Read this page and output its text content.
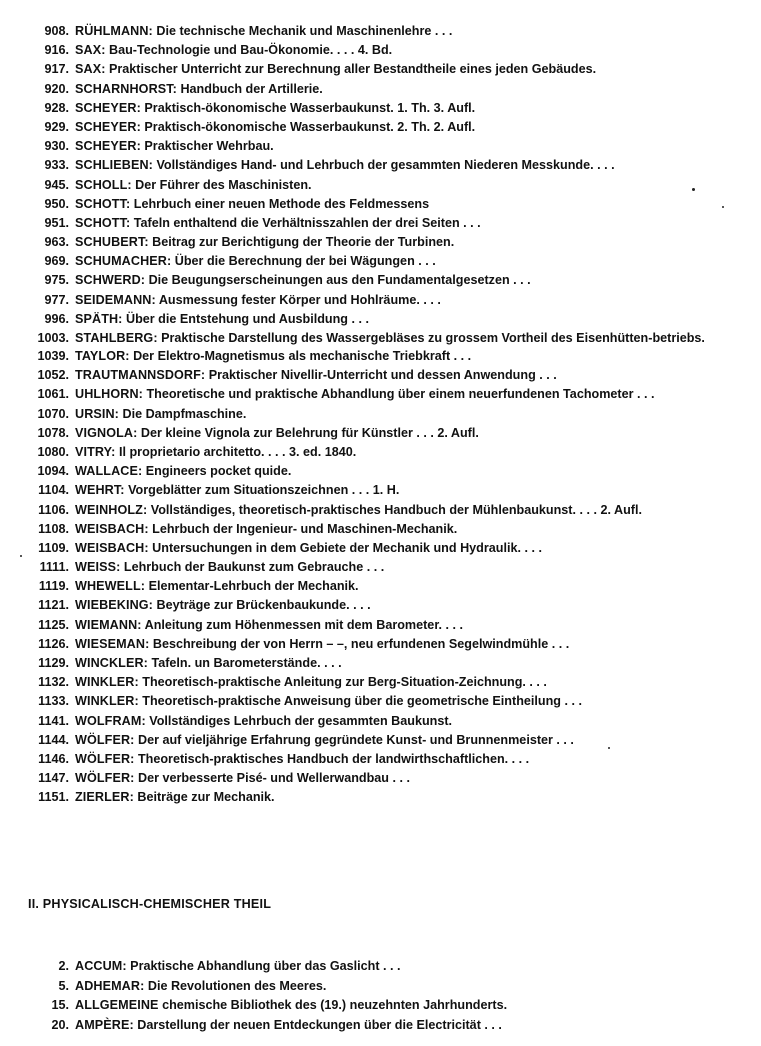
908. RÜHLMANN: Die technische Mechanik und Maschinenlehre . . .
916. SAX: Bau-Technologie und Bau-Ökonomie. . . . 4. Bd.
917. SAX: Praktischer Unterricht zur Berechnung aller Bestandtheile eines jeden Gebäudes.
920. SCHARNHORST: Handbuch der Artillerie.
928. SCHEYER: Praktisch-ökonomische Wasserbaukunst. 1. Th. 3. Aufl.
929. SCHEYER: Praktisch-ökonomische Wasserbaukunst. 2. Th. 2. Aufl.
930. SCHEYER: Praktischer Wehrbau.
933. SCHLIEBEN: Vollständiges Hand- und Lehrbuch der gesammten Niederen Messkunde. . . .
945. SCHOLL: Der Führer des Maschinisten.
950. SCHOTT: Lehrbuch einer neuen Methode des Feldmessens
951. SCHOTT: Tafeln enthaltend die Verhältnisszahlen der drei Seiten . . .
963. SCHUBERT: Beitrag zur Berichtigung der Theorie der Turbinen.
969. SCHUMACHER: Über die Berechnung der bei Wägungen . . .
975. SCHWERD: Die Beugungserscheinungen aus den Fundamentalgesetzen . . .
977. SEIDEMANN: Ausmessung fester Körper und Hohlräume. . . .
996. SPÄTH: Über die Entstehung und Ausbildung . . .
1003. STAHLBERG: Praktische Darstellung des Wassergebläses zu grossem Vortheil des Eisenhütten-betriebs.
1039. TAYLOR: Der Elektro-Magnetismus als mechanische Triebkraft . . .
1052. TRAUTMANNSDORF: Praktischer Nivellir-Unterricht und dessen Anwendung . . .
1061. UHLHORN: Theoretische und praktische Abhandlung über einem neuerfundenen Tachometer . . .
1070. URSIN: Die Dampfmaschine.
1078. VIGNOLA: Der kleine Vignola zur Belehrung für Künstler . . . 2. Aufl.
1080. VITRY: Il proprietario architetto. . . . 3. ed. 1840.
1094. WALLACE: Engineers pocket quide.
1104. WEHRT: Vorgeblätter zum Situationszeichnen . . . 1. H.
1106. WEINHOLZ: Vollständiges, theoretisch-praktisches Handbuch der Mühlenbaukunst. . . . 2. Aufl.
1108. WEISBACH: Lehrbuch der Ingenieur- und Maschinen-Mechanik.
1109. WEISBACH: Untersuchungen in dem Gebiete der Mechanik und Hydraulik. . . .
1111. WEISS: Lehrbuch der Baukunst zum Gebrauche . . .
1119. WHEWELL: Elementar-Lehrbuch der Mechanik.
1121. WIEBEKING: Beyträge zur Brückenbaukunde. . . .
1125. WIEMANN: Anleitung zum Höhenmessen mit dem Barometer. . . .
1126. WIESEMAN: Beschreibung der von Herrn – –, neu erfundenen Segelwindmühle . . .
1129. WINCKLER: Tafeln. un Barometerstände. . . .
1132. WINKLER: Theoretisch-praktische Anleitung zur Berg-Situation-Zeichnung. . . .
1133. WINKLER: Theoretisch-praktische Anweisung über die geometrische Eintheilung . . .
1141. WOLFRAM: Vollständiges Lehrbuch der gesammten Baukunst.
1144. WÖLFER: Der auf vieljährige Erfahrung gegründete Kunst- und Brunnenmeister . . .
1146. WÖLFER: Theoretisch-praktisches Handbuch der landwirthschaftlichen. . . .
1147. WÖLFER: Der verbesserte Pisé- und Wellerwandbau . . .
1151. ZIERLER: Beiträge zur Mechanik.
II. PHYSICALISCH-CHEMISCHER THEIL
2. ACCUM: Praktische Abhandlung über das Gaslicht . . .
5. ADHEMAR: Die Revolutionen des Meeres.
15. ALLGEMEINE chemische Bibliothek des (19.) neuzehnten Jahrhunderts.
20. AMPÈRE: Darstellung der neuen Entdeckungen über die Electricität . . .
